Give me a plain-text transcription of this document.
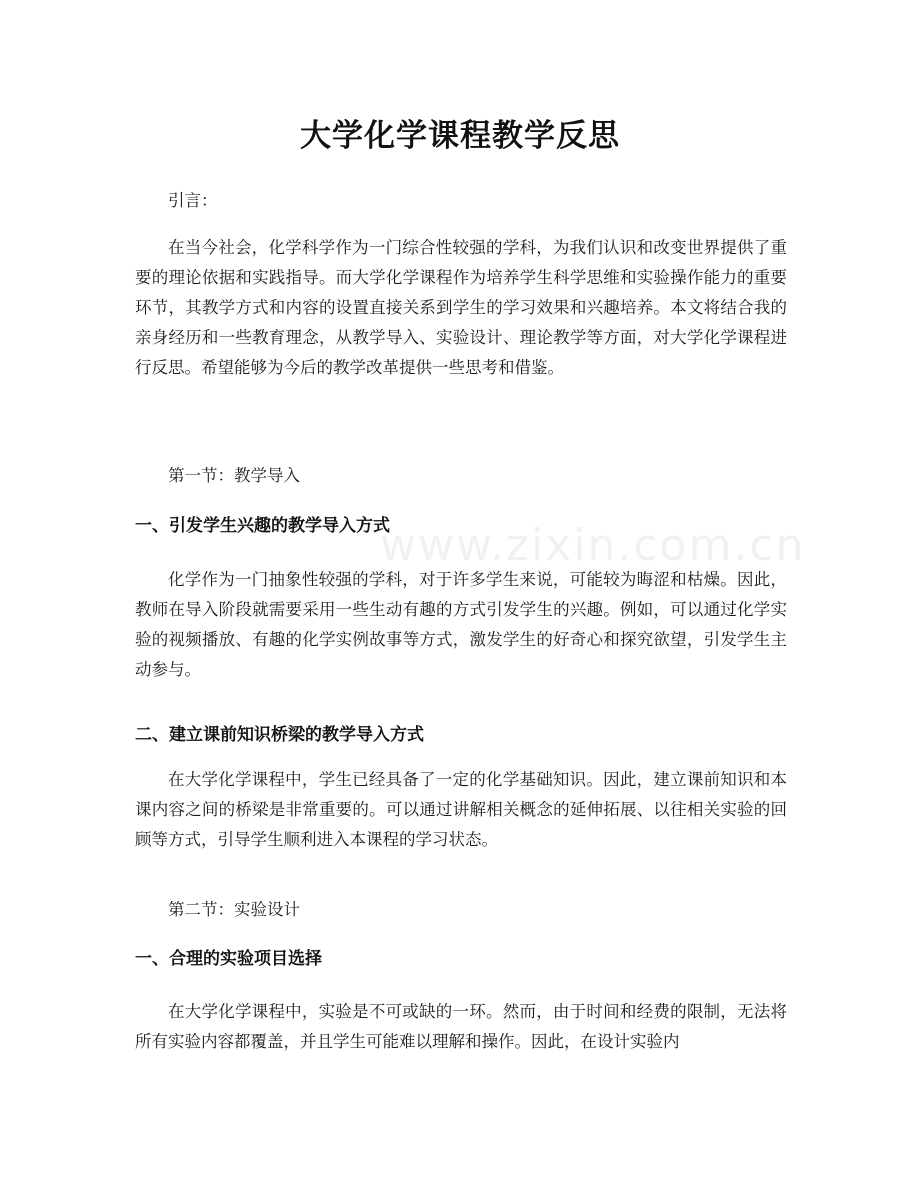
www.zixin.com.cn
大学化学课程教学反思
引言：
在当今社会，化学科学作为一门综合性较强的学科，为我们认识和改变世界提供了重要的理论依据和实践指导。而大学化学课程作为培养学生科学思维和实验操作能力的重要环节，其教学方式和内容的设置直接关系到学生的学习效果和兴趣培养。本文将结合我的亲身经历和一些教育理念，从教学导入、实验设计、理论教学等方面，对大学化学课程进行反思。希望能够为今后的教学改革提供一些思考和借鉴。
第一节：教学导入
一、引发学生兴趣的教学导入方式
化学作为一门抽象性较强的学科，对于许多学生来说，可能较为晦涩和枯燥。因此，教师在导入阶段就需要采用一些生动有趣的方式引发学生的兴趣。例如，可以通过化学实验的视频播放、有趣的化学实例故事等方式，激发学生的好奇心和探究欲望，引发学生主动参与。
二、建立课前知识桥梁的教学导入方式
在大学化学课程中，学生已经具备了一定的化学基础知识。因此，建立课前知识和本课内容之间的桥梁是非常重要的。可以通过讲解相关概念的延伸拓展、以往相关实验的回顾等方式，引导学生顺利进入本课程的学习状态。
第二节：实验设计
一、合理的实验项目选择
在大学化学课程中，实验是不可或缺的一环。然而，由于时间和经费的限制，无法将所有实验内容都覆盖，并且学生可能难以理解和操作。因此，在设计实验内
